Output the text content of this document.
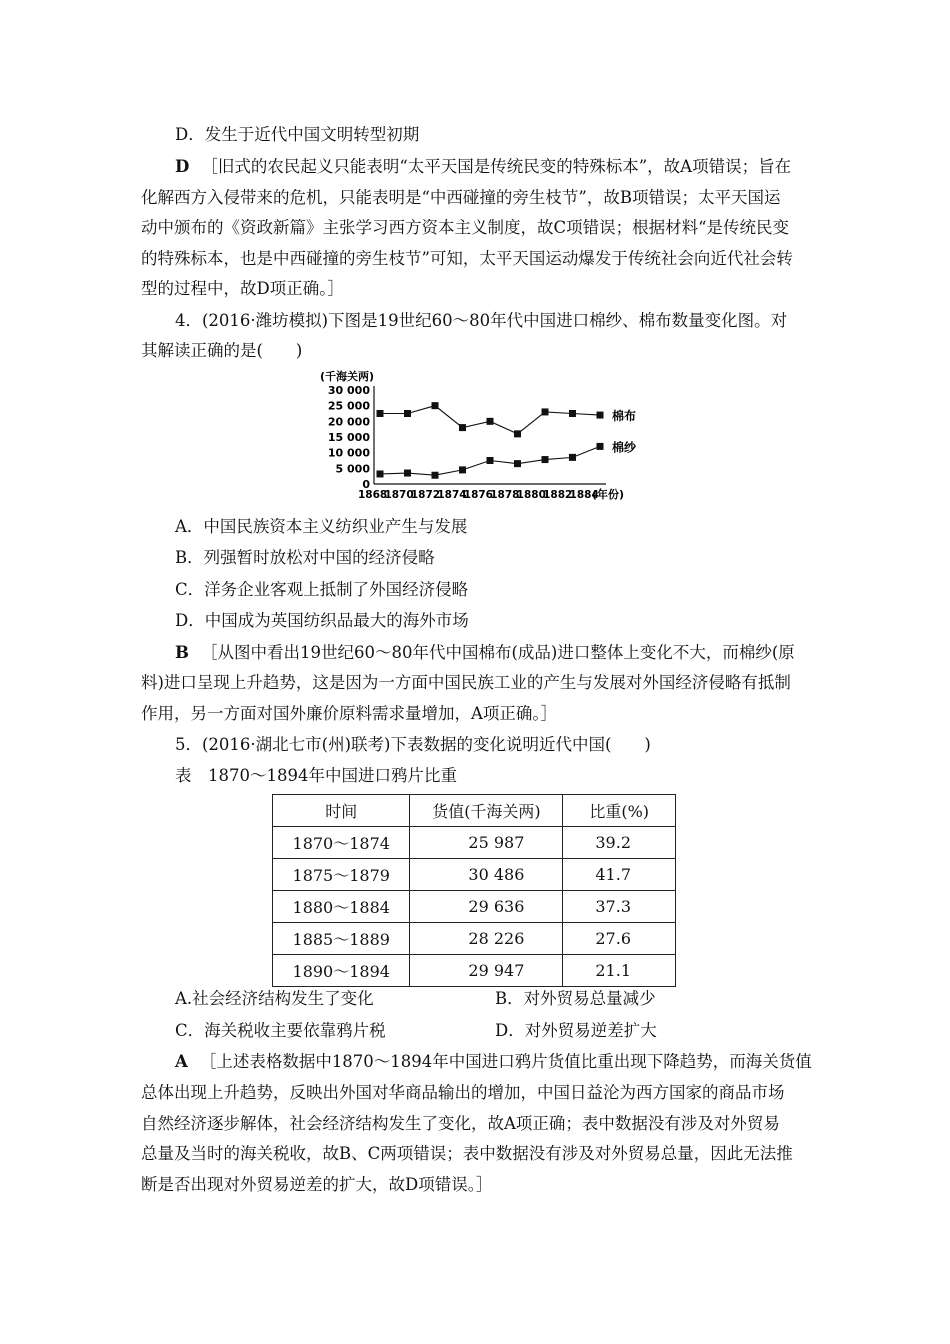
D．发生于近代中国文明转型初期
D ［旧式的农民起义只能表明“太平天国是传统民变的特殊标本”，故A项错误；旨在
化解西方入侵带来的危机，只能表明是“中西碰撞的旁生枝节”，故B项错误；太平天国运
动中颁布的《资政新篇》主张学习西方资本主义制度，故C项错误；根据材料“是传统民变
的特殊标本，也是中西碰撞的旁生枝节”可知，太平天国运动爆发于传统社会向近代社会转
型的过程中，故D项正确。］
4．(2016·潍坊模拟)下图是19世纪60～80年代中国进口棉纱、棉布数量变化图。对
其解读正确的是(　　)
(千海关两)
30 000
25 000
20 000
15 000
10 000
5 000
0
1868
1870
1872
1874
1876
1878
1880
1882
1884
棉布
棉纱
(年份)
A．中国民族资本主义纺织业产生与发展
B．列强暂时放松对中国的经济侵略
C．洋务企业客观上抵制了外国经济侵略
D．中国成为英国纺织品最大的海外市场
B ［从图中看出19世纪60～80年代中国棉布(成品)进口整体上变化不大，而棉纱(原
料)进口呈现上升趋势，这是因为一方面中国民族工业的产生与发展对外国经济侵略有抵制
作用，另一方面对国外廉价原料需求量增加，A项正确。］
5．(2016·湖北七市(州)联考)下表数据的变化说明近代中国(　　)
表　1870～1894年中国进口鸦片比重
时间	货值(千海关两)	比重(%)
1870～1874	25 987	39.2
1875～1879	30 486	41.7
1880～1884	29 636	37.3
1885～1889	28 226	27.6
1890～1894	29 947	21.1
A.社会经济结构发生了变化	B．对外贸易总量减少
C．海关税收主要依靠鸦片税	D．对外贸易逆差扩大
A ［上述表格数据中1870～1894年中国进口鸦片货值比重出现下降趋势，而海关货值
总体出现上升趋势，反映出外国对华商品输出的增加，中国日益沦为西方国家的商品市场
自然经济逐步解体，社会经济结构发生了变化，故A项正确；表中数据没有涉及对外贸易
总量及当时的海关税收，故B、C两项错误；表中数据没有涉及对外贸易总量，因此无法推
断是否出现对外贸易逆差的扩大，故D项错误。］
